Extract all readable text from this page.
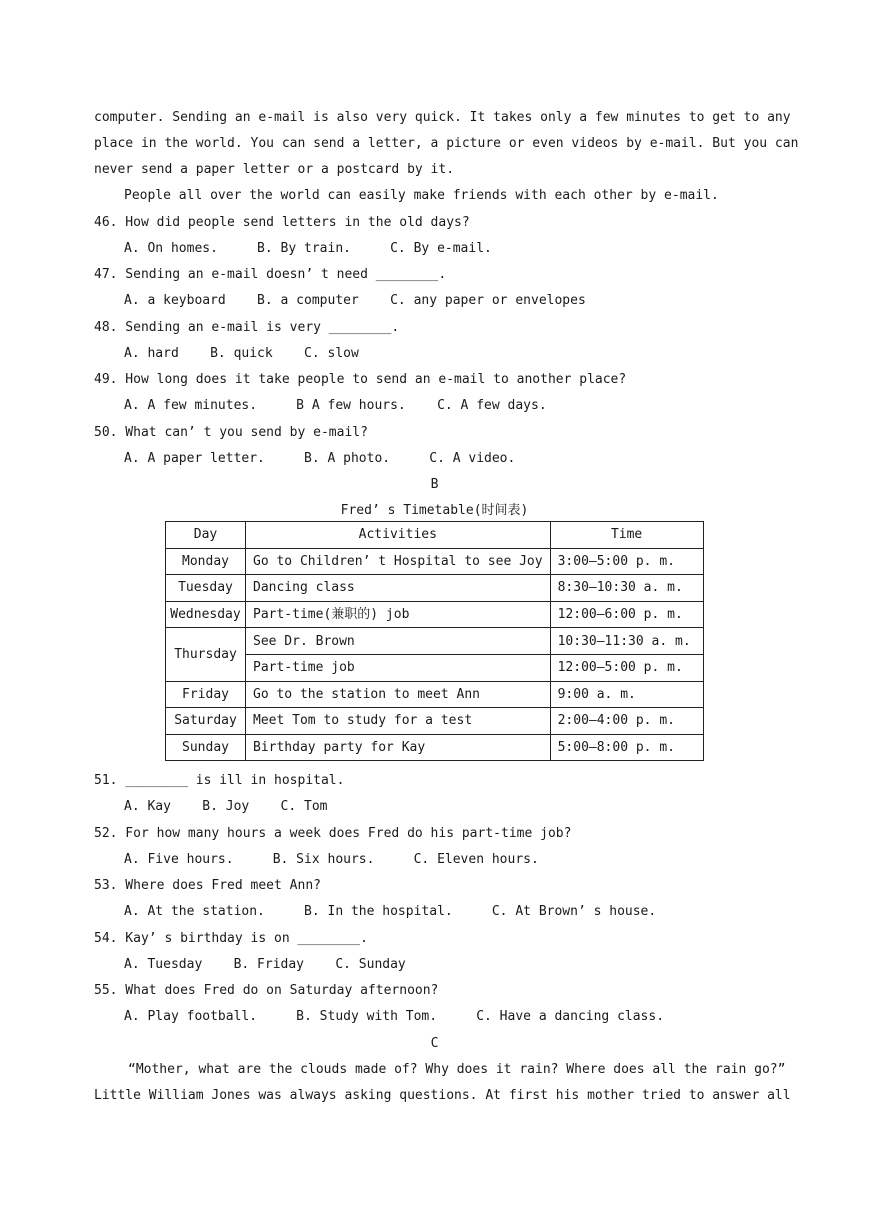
computer. Sending an e-mail is also very quick. It takes only a few minutes to get to any
place in the world. You can send a letter, a picture or even videos by e-mail. But you can
never send a paper letter or a postcard by it.
People all over the world can easily make friends with each other by e-mail.
46. How did people send letters in the old days?
A. On homes.     B. By train.     C. By e-mail.
47. Sending an e-mail doesn’ t need ________.
A. a keyboard    B. a computer    C. any paper or envelopes
48. Sending an e-mail is very ________.
A. hard    B. quick    C. slow
49. How long does it take people to send an e-mail to another place?
A. A few minutes.     B A few hours.    C. A few days.
50. What can’ t you send by e-mail?
A. A paper letter.     B. A photo.     C. A video.
B
Fred’ s Timetable(时间表)
Day	Activities	Time
Monday	Go to Children’ t Hospital to see Joy	3:00—5:00 p. m.
Tuesday	Dancing class	8:30—10:30 a. m.
Wednesday	Part-time(兼职的) job	12:00—6:00 p. m.
Thursday	See Dr. Brown	10:30—11:30 a. m.
	Part-time job	12:00—5:00 p. m.
Friday	Go to the station to meet Ann	9:00 a. m.
Saturday	Meet Tom to study for a test	2:00—4:00 p. m.
Sunday	Birthday party for Kay	5:00—8:00 p. m.
51. ________ is ill in hospital.
A. Kay    B. Joy    C. Tom
52. For how many hours a week does Fred do his part-time job?
A. Five hours.     B. Six hours.     C. Eleven hours.
53. Where does Fred meet Ann?
A. At the station.     B. In the hospital.     C. At Brown’ s house.
54. Kay’ s birthday is on ________.
A. Tuesday    B. Friday    C. Sunday
55. What does Fred do on Saturday afternoon?
A. Play football.     B. Study with Tom.     C. Have a dancing class.
C
“Mother, what are the clouds made of? Why does it rain? Where does all the rain go?”
Little William Jones was always asking questions. At first his mother tried to answer all
